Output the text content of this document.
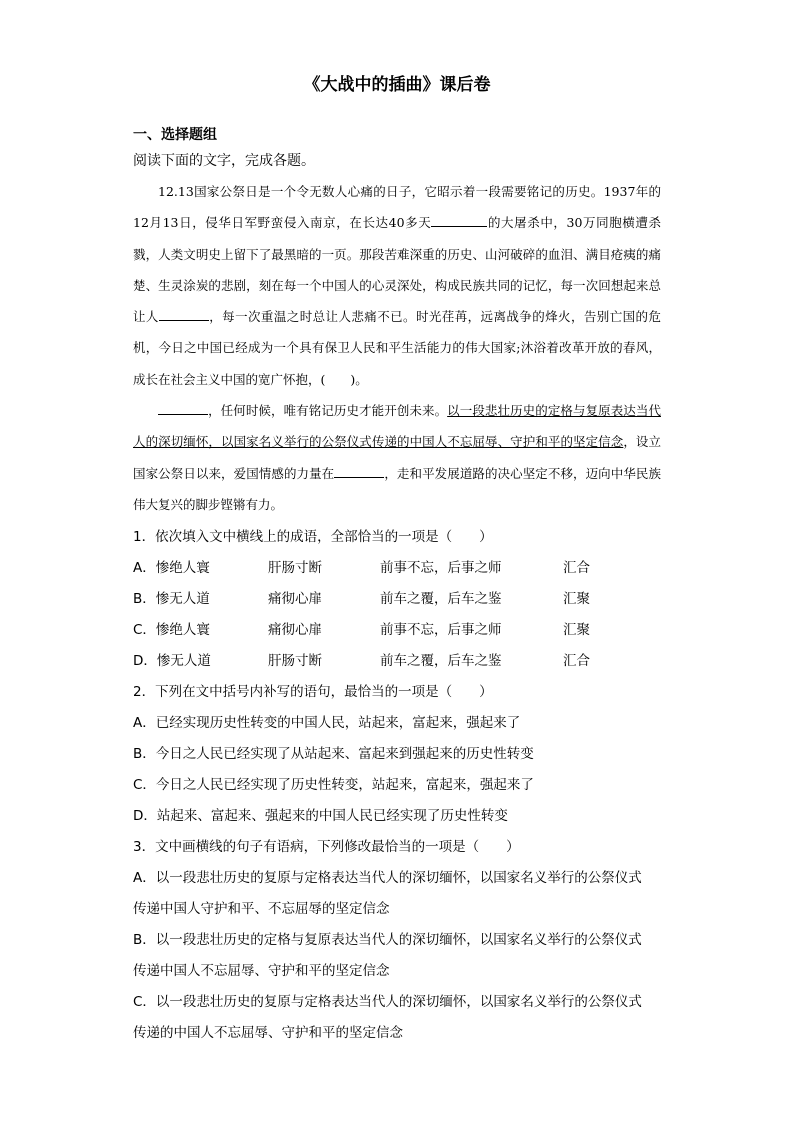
《大战中的插曲》课后卷
一、选择题组
阅读下面的文字，完成各题。

12.13国家公祭日是一个令无数人心痛的日子，它昭示着一段需要铭记的历史。1937年的12月13日，侵华日军野蛮侵入南京，在长达40多天	的大屠杀中，30万同胞横遭杀戮，人类文明史上留下了最黑暗的一页。那段苦难深重的历史、山河破碎的血泪、满目疮痍的痛楚、生灵涂炭的悲剧，刻在每一个中国人的心灵深处，构成民族共同的记忆，每一次回想起来总让人	，每一次重温之时总让人悲痛不已。时光荏苒，远离战争的烽火，告别亡国的危机，今日之中国已经成为一个具有保卫人民和平生活能力的伟大国家;沐浴着改革开放的春风，成长在社会主义中国的宽广怀抱，(　　)。

，任何时候，唯有铭记历史才能开创未来。以一段悲壮历史的定格与复原表达当代人的深切缅怀，以国家名义举行的公祭仪式传递的中国人不忘屈辱、守护和平的坚定信念，设立国家公祭日以来，爱国情感的力量在	，走和平发展道路的决心坚定不移，迈向中华民族伟大复兴的脚步铿锵有力。

1．依次填入文中横线上的成语，全部恰当的一项是（　　）
A．惨绝人寰	肝肠寸断	前事不忘，后事之师	汇合
B．惨无人道	痛彻心扉	前车之覆，后车之鉴	汇聚
C．惨绝人寰	痛彻心扉	前事不忘，后事之师	汇聚
D．惨无人道	肝肠寸断	前车之覆，后车之鉴	汇合
2．下列在文中括号内补写的语句，最恰当的一项是（　　）
A．已经实现历史性转变的中国人民，站起来，富起来，强起来了
B．今日之人民已经实现了从站起来、富起来到强起来的历史性转变
C．今日之人民已经实现了历史性转变，站起来，富起来，强起来了
D．站起来、富起来、强起来的中国人民已经实现了历史性转变
3．文中画横线的句子有语病，下列修改最恰当的一项是（　　）
A．以一段悲壮历史的复原与定格表达当代人的深切缅怀，以国家名义举行的公祭仪式
传递中国人守护和平、不忘屈辱的坚定信念
B．以一段悲壮历史的定格与复原表达当代人的深切缅怀，以国家名义举行的公祭仪式
传递中国人不忘屈辱、守护和平的坚定信念
C．以一段悲壮历史的复原与定格表达当代人的深切缅怀，以国家名义举行的公祭仪式
传递的中国人不忘屈辱、守护和平的坚定信念
